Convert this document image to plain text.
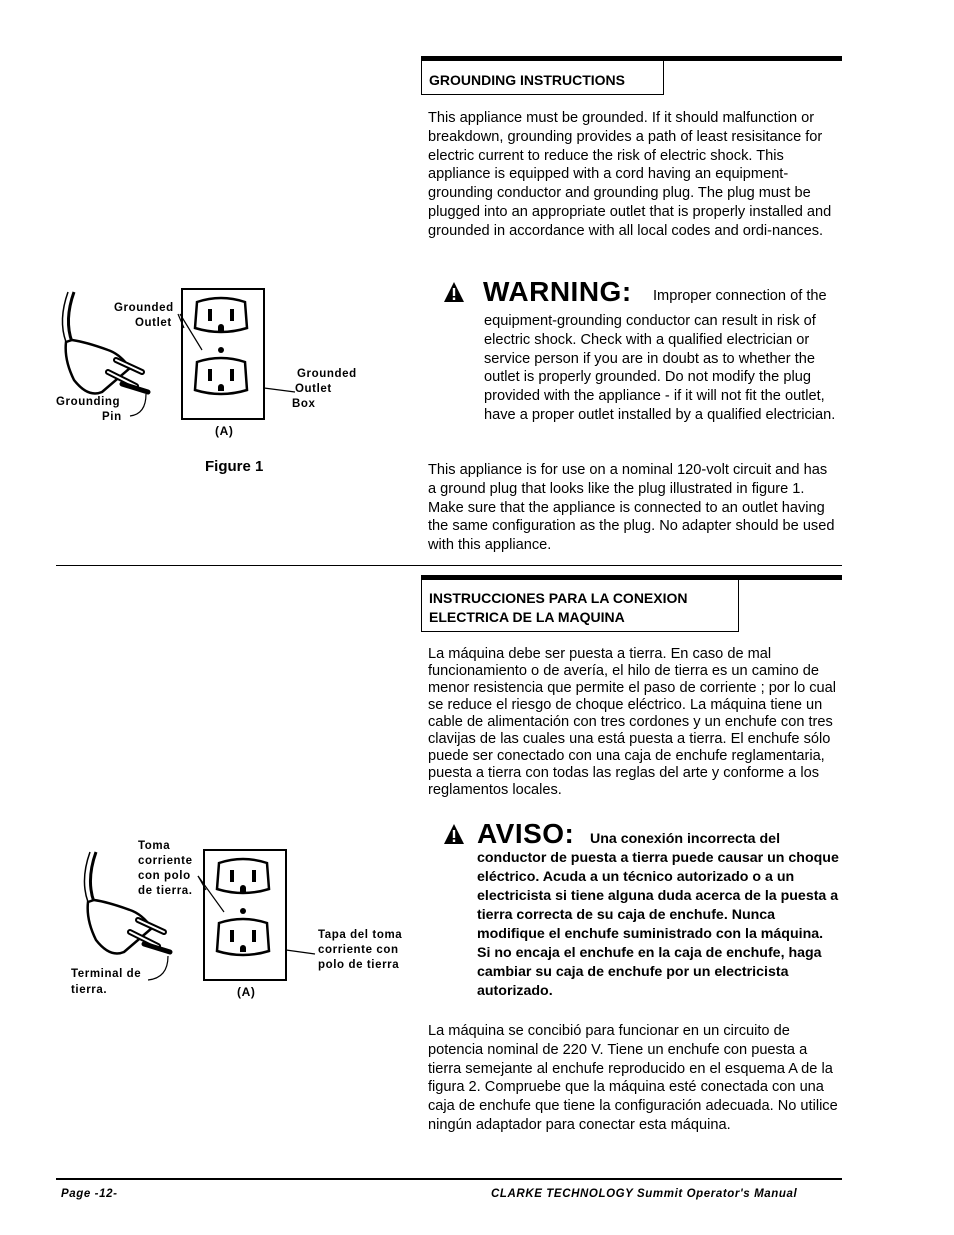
GROUNDING INSTRUCTIONS
This appliance must be grounded. If it should malfunction or breakdown, grounding provides a path of least resisitance for electric current to reduce the risk of electric shock. This appliance is equipped with a cord having an equipment-grounding conductor and grounding plug. The plug must be plugged into an appropriate outlet that is properly installed and grounded in accordance with all local codes and ordi-nances.
WARNING: Improper connection of the
equipment-grounding conductor can result in risk of electric shock. Check with a qualified electrician or service person if you are in doubt as to whether the outlet is properly grounded. Do not modify the plug provided with the appliance - if it will not fit the outlet, have a proper outlet installed by a qualified electrician.
This appliance is for use on a nominal 120-volt circuit and has a ground plug that looks like the plug illustrated in figure 1. Make sure that the appliance is connected to an outlet having the same configuration as the plug. No adapter should be used with this appliance.
Grounded
Outlet
Grounded
Outlet
Box
Grounding
Pin
(A)
Figure 1
INSTRUCCIONES PARA LA CONEXION
ELECTRICA DE LA MAQUINA
La máquina debe ser puesta a tierra. En caso de mal funcionamiento o de avería, el hilo de tierra es un camino de menor resistencia que permite el paso de corriente ; por lo cual se reduce el riesgo de choque eléctrico. La máquina tiene un cable de alimentación con tres cordones y un enchufe con tres clavijas de las cuales una está puesta a tierra. El enchufe sólo puede ser conectado con una caja de enchufe reglamentaria, puesta a tierra con todas las reglas del arte y conforme a los reglamentos locales.
AVISO: Una conexión incorrecta del
conductor de puesta a tierra puede causar un choque eléctrico. Acuda a un técnico autorizado o a un electricista si tiene alguna duda acerca de la puesta a tierra correcta de su caja de enchufe. Nunca modifique el enchufe suministrado con la máquina. Si no encaja el enchufe en la caja de enchufe, haga cambiar su caja de enchufe por un electricista autorizado.
La máquina se concibió para funcionar en un circuito de potencia nominal de 220 V. Tiene un enchufe con puesta a tierra semejante al enchufe reproducido en el esquema A de la figura 2. Compruebe que la máquina esté conectada con una caja de enchufe que tiene la configuración adecuada. No utilice ningún adaptador para conectar esta máquina.
Toma
corriente
con polo
de tierra.
Tapa del toma
corriente con
polo de tierra
Terminal de
tierra.	(A)
Page -12-	CLARKE TECHNOLOGY Summit Operator's Manual
